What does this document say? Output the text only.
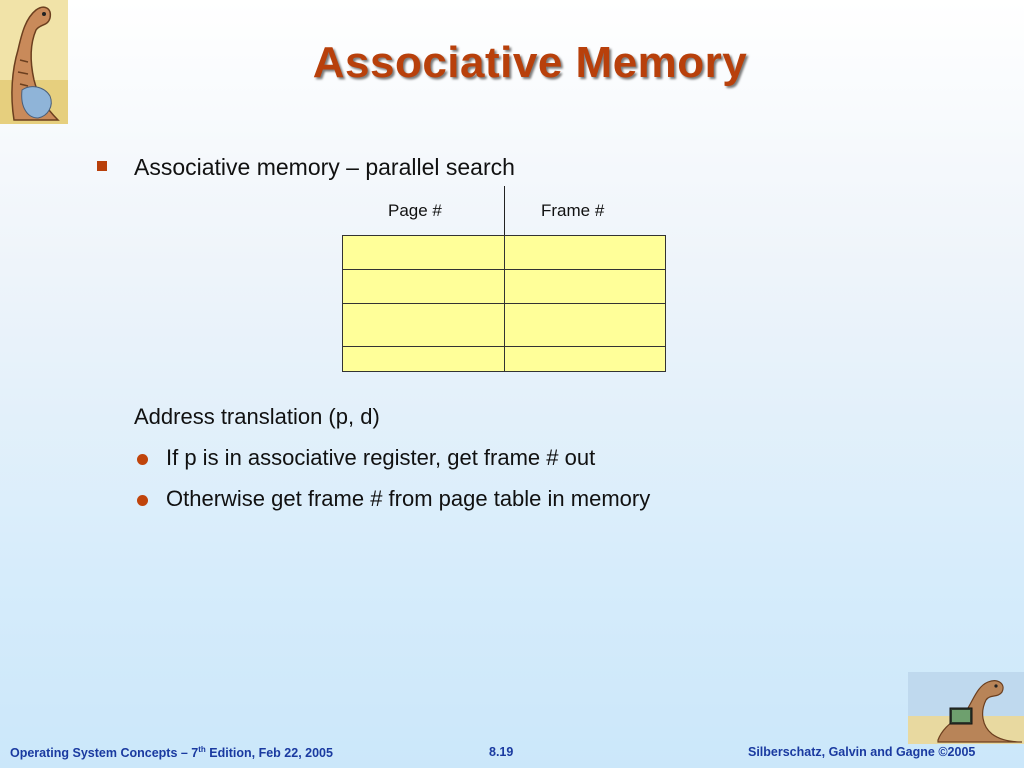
Associative Memory
Associative memory – parallel search
Page #	Frame #
Address translation (p, d)
If p is in associative register, get frame # out
Otherwise get frame # from page table in memory
Operating System Concepts – 7th Edition, Feb 22, 2005	8.19	Silberschatz, Galvin and Gagne ©2005
